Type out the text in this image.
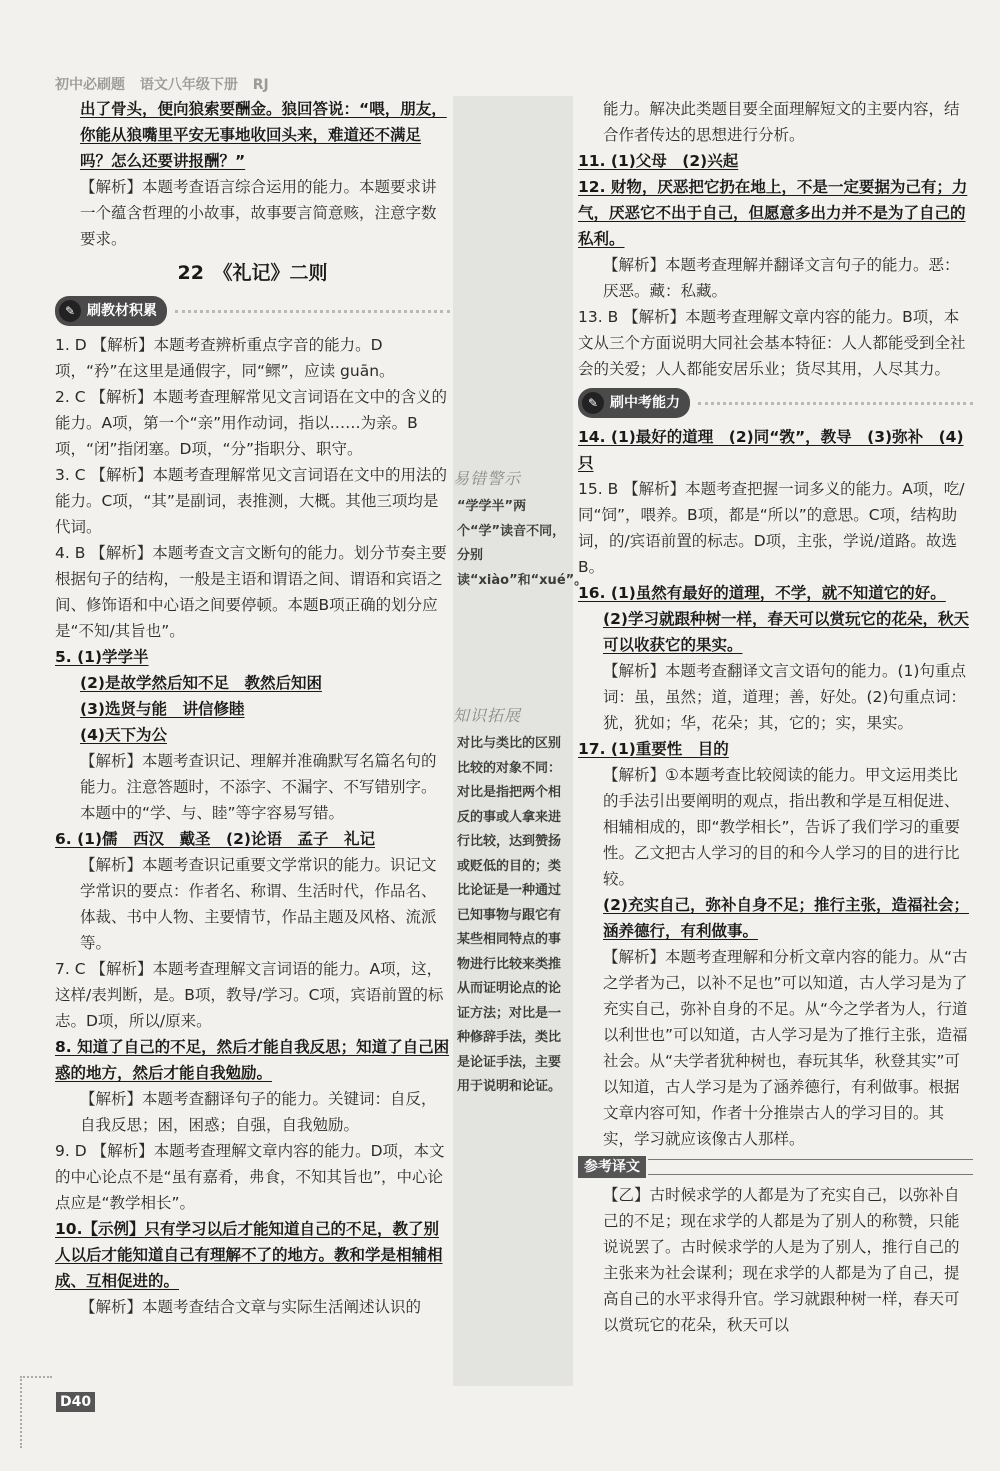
初中必刷题 语文八年级下册 RJ

出了骨头，便向狼索要酬金。狼回答说：“喂，朋友，你能从狼嘴里平安无事地收回头来，难道还不满足吗？怎么还要讲报酬？”

【解析】本题考查语言综合运用的能力。本题要求讲一个蕴含哲理的小故事，故事要言简意赅，注意字数要求。

22　《礼记》二则
✎ 刷教材积累

1. D 【解析】本题考查辨析重点字音的能力。D项，“矜”在这里是通假字，同“鳏”，应读 guān。

2. C 【解析】本题考查理解常见文言词语在文中的含义的能力。A项，第一个“亲”用作动词，指以……为亲。B项，“闭”指闭塞。D项，“分”指职分、职守。

3. C 【解析】本题考查理解常见文言词语在文中的用法的能力。C项，“其”是副词，表推测，大概。其他三项均是代词。

4. B 【解析】本题考查文言文断句的能力。划分节奏主要根据句子的结构，一般是主语和谓语之间、谓语和宾语之间、修饰语和中心语之间要停顿。本题B项正确的划分应是“不知/其旨也”。

5. (1)学学半

(2)是故学然后知不足　教然后知困

(3)选贤与能　讲信修睦

(4)天下为公

【解析】本题考查识记、理解并准确默写名篇名句的能力。注意答题时，不添字、不漏字、不写错别字。本题中的“学、与、睦”等字容易写错。

6. (1)儒　西汉　戴圣　(2)论语　孟子　礼记

【解析】本题考查识记重要文学常识的能力。识记文学常识的要点：作者名、称谓、生活时代，作品名、体裁、书中人物、主要情节，作品主题及风格、流派等。

7. C 【解析】本题考查理解文言词语的能力。A项，这，这样/表判断，是。B项，教导/学习。C项，宾语前置的标志。D项，所以/原来。

8. 知道了自己的不足，然后才能自我反思；知道了自己困惑的地方，然后才能自我勉励。

【解析】本题考查翻译句子的能力。关键词：自反，自我反思；困，困惑；自强，自我勉励。

9. D 【解析】本题考查理解文章内容的能力。D项，本文的中心论点不是“虽有嘉肴，弗食，不知其旨也”，中心论点应是“教学相长”。

10.【示例】只有学习以后才能知道自己的不足，教了别人以后才能知道自己有理解不了的地方。教和学是相辅相成、互相促进的。

【解析】本题考查结合文章与实际生活阐述认识的

易错警示
“学学半”两个“学”读音不同，分别读“xiào”和“xué”。
知识拓展
对比与类比的区别　比较的对象不同：对比是指把两个相反的事或人拿来进行比较，达到赞扬或贬低的目的；类比论证是一种通过已知事物与跟它有某些相同特点的事物进行比较来类推从而证明论点的论证方法；对比是一种修辞手法，类比是论证手法，主要用于说明和论证。

能力。解决此类题目要全面理解短文的主要内容，结合作者传达的思想进行分析。

11. (1)父母　(2)兴起

12. 财物，厌恶把它扔在地上，不是一定要据为己有；力气，厌恶它不出于自己，但愿意多出力并不是为了自己的私利。

【解析】本题考查理解并翻译文言句子的能力。恶：厌恶。藏：私藏。

13. B 【解析】本题考查理解文章内容的能力。B项，本文从三个方面说明大同社会基本特征：人人都能受到全社会的关爱；人人都能安居乐业；货尽其用，人尽其力。

✎ 刷中考能力

14. (1)最好的道理　(2)同“敩”，教导　(3)弥补　(4)只

15. B 【解析】本题考查把握一词多义的能力。A项，吃/同“饲”，喂养。B项，都是“所以”的意思。C项，结构助词，的/宾语前置的标志。D项，主张，学说/道路。故选B。

16. (1)虽然有最好的道理，不学，就不知道它的好。

(2)学习就跟种树一样，春天可以赏玩它的花朵，秋天可以收获它的果实。

【解析】本题考查翻译文言文语句的能力。(1)句重点词：虽，虽然；道，道理；善，好处。(2)句重点词：犹，犹如；华，花朵；其，它的；实，果实。

17. (1)重要性　目的

【解析】①本题考查比较阅读的能力。甲文运用类比的手法引出要阐明的观点，指出教和学是互相促进、相辅相成的，即“教学相长”，告诉了我们学习的重要性。乙文把古人学习的目的和今人学习的目的进行比较。

(2)充实自己，弥补自身不足；推行主张，造福社会；涵养德行，有利做事。

【解析】本题考查理解和分析文章内容的能力。从“古之学者为己，以补不足也”可以知道，古人学习是为了充实自己，弥补自身的不足。从“今之学者为人，行道以利世也”可以知道，古人学习是为了推行主张，造福社会。从“夫学者犹种树也，春玩其华，秋登其实”可以知道，古人学习是为了涵养德行，有利做事。根据文章内容可知，作者十分推崇古人的学习目的。其实，学习就应该像古人那样。

参考译文

【乙】古时候求学的人都是为了充实自己，以弥补自己的不足；现在求学的人都是为了别人的称赞，只能说说罢了。古时候求学的人是为了别人，推行自己的主张来为社会谋利；现在求学的人都是为了自己，提高自己的水平求得升官。学习就跟种树一样，春天可以赏玩它的花朵，秋天可以

D40
